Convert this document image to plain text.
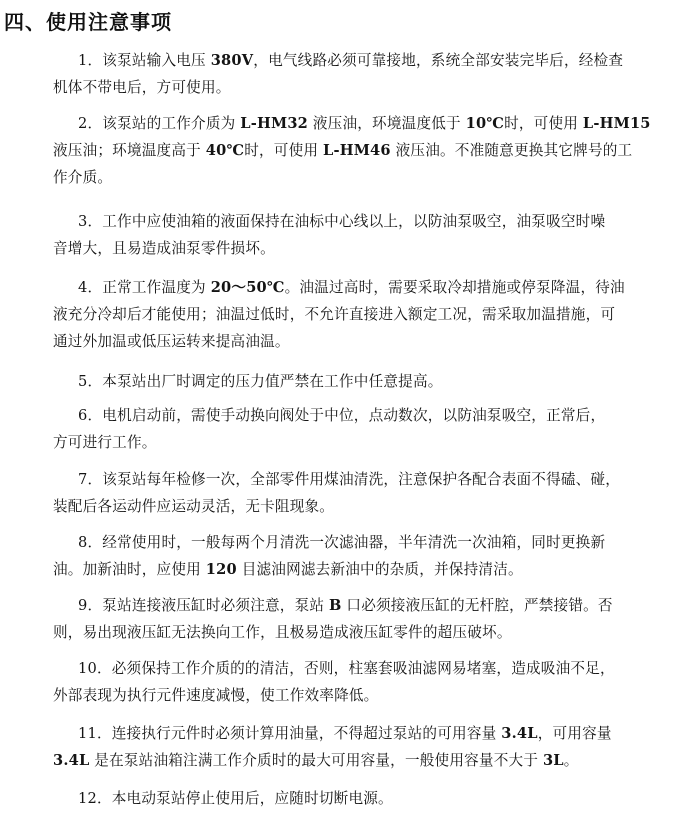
四、使用注意事项
1．该泵站输入电压 380V，电气线路必须可靠接地，系统全部安装完毕后，经检查
机体不带电后，方可使用。
2．该泵站的工作介质为 L-HM32 液压油，环境温度低于 10℃时，可使用 L-HM15
液压油；环境温度高于 40℃时，可使用 L-HM46 液压油。不准随意更换其它牌号的工
作介质。
3．工作中应使油箱的液面保持在油标中心线以上，以防油泵吸空，油泵吸空时噪
音增大，且易造成油泵零件损坏。
4．正常工作温度为 20～50℃。油温过高时，需要采取冷却措施或停泵降温，待油
液充分冷却后才能使用；油温过低时，不允许直接进入额定工况，需采取加温措施，可
通过外加温或低压运转来提高油温。
5．本泵站出厂时调定的压力值严禁在工作中任意提高。
6．电机启动前，需使手动换向阀处于中位，点动数次，以防油泵吸空，正常后，
方可进行工作。
7．该泵站每年检修一次，全部零件用煤油清洗，注意保护各配合表面不得磕、碰，
装配后各运动件应运动灵活，无卡阻现象。
8．经常使用时，一般每两个月清洗一次滤油器，半年清洗一次油箱，同时更换新
油。加新油时，应使用 120 目滤油网滤去新油中的杂质，并保持清洁。
9．泵站连接液压缸时必须注意，泵站 B 口必须接液压缸的无杆腔，严禁接错。否
则，易出现液压缸无法换向工作，且极易造成液压缸零件的超压破坏。
10．必须保持工作介质的的清洁，否则，柱塞套吸油滤网易堵塞，造成吸油不足，
外部表现为执行元件速度减慢，使工作效率降低。
11．连接执行元件时必须计算用油量，不得超过泵站的可用容量 3.4L，可用容量
3.4L 是在泵站油箱注满工作介质时的最大可用容量，一般使用容量不大于 3L。
12．本电动泵站停止使用后，应随时切断电源。
